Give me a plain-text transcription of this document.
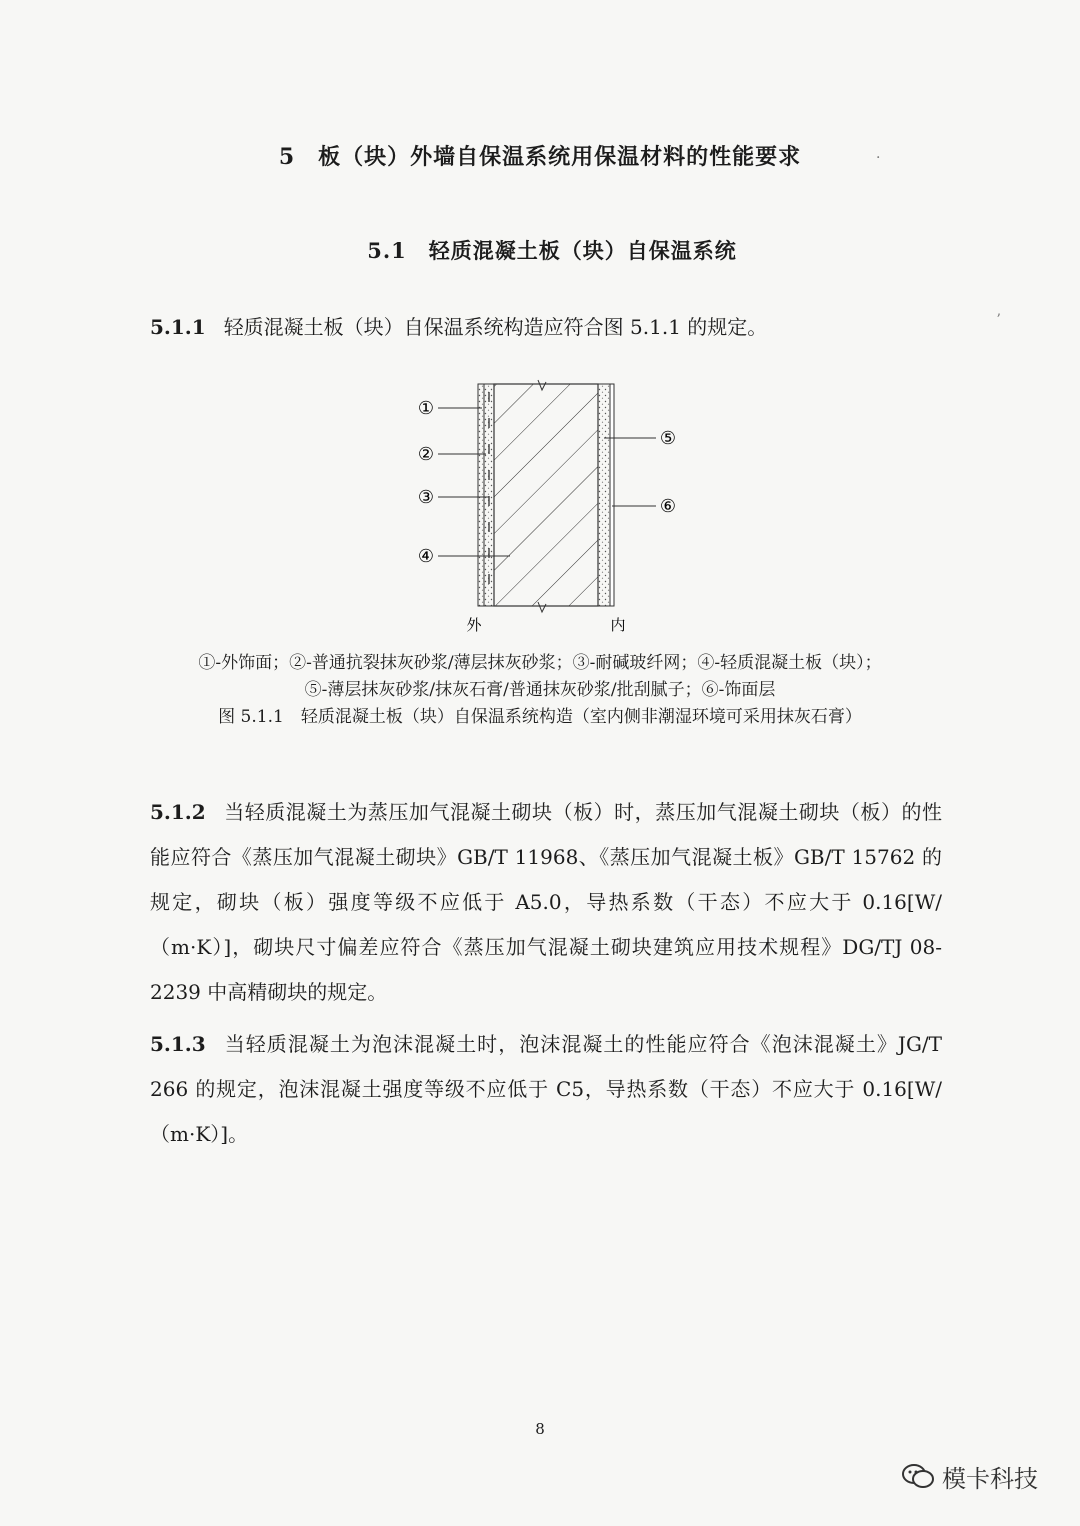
5　板（块）外墙自保温系统用保温材料的性能要求
5.1　轻质混凝土板（块）自保温系统
5.1.1 轻质混凝土板（块）自保温系统构造应符合图 5.1.1 的规定。
①
②
③
④
⑤
⑥
外	内
①-外饰面；②-普通抗裂抹灰砂浆/薄层抹灰砂浆；③-耐碱玻纤网；④-轻质混凝土板（块）；
⑤-薄层抹灰砂浆/抹灰石膏/普通抹灰砂浆/批刮腻子；⑥-饰面层
图 5.1.1　轻质混凝土板（块）自保温系统构造（室内侧非潮湿环境可采用抹灰石膏）
5.1.2 当轻质混凝土为蒸压加气混凝土砌块（板）时，蒸压加气混凝土砌块（板）的性能应符合《蒸压加气混凝土砌块》GB/T 11968、《蒸压加气混凝土板》GB/T 15762 的规定，砌块（板）强度等级不应低于 A5.0，导热系数（干态）不应大于 0.16[W/（m·K）]，砌块尺寸偏差应符合《蒸压加气混凝土砌块建筑应用技术规程》DG/TJ 08-2239 中高精砌块的规定。
5.1.3 当轻质混凝土为泡沫混凝土时，泡沫混凝土的性能应符合《泡沫混凝土》JG/T 266 的规定，泡沫混凝土强度等级不应低于 C5，导热系数（干态）不应大于 0.16[W/（m·K）]。
8
模卡科技
·
ʼ
